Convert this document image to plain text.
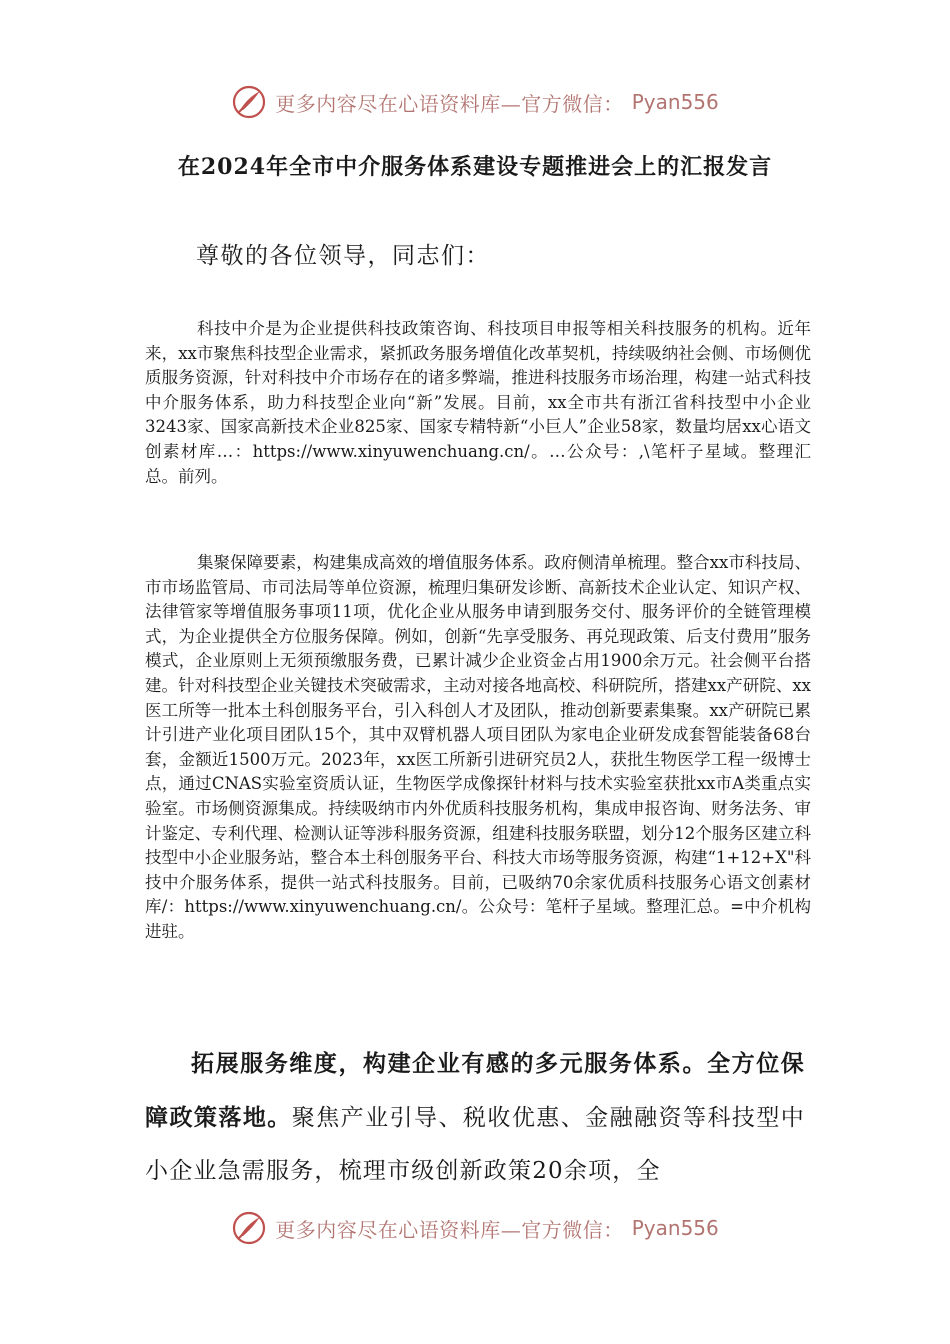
更多内容尽在心语资料库—官方微信： Pyan556
在2024年全市中介服务体系建设专题推进会上的汇报发言
尊敬的各位领导，同志们：

科技中介是为企业提供科技政策咨询、科技项目申报等相关科技服务的机构。近年来，xx市聚焦科技型企业需求，紧抓政务服务增值化改革契机，持续吸纳社会侧、市场侧优质服务资源，针对科技中介市场存在的诸多弊端，推进科技服务市场治理，构建一站式科技中介服务体系，助力科技型企业向“新”发展。目前，xx全市共有浙江省科技型中小企业3243家、国家高新技术企业825家、国家专精特新“小巨人”企业58家，数量均居xx心语文创素材库…：https://www.xinyuwenchuang.cn/。…公众号：,\笔杆子星域。整理汇总。前列。

集聚保障要素，构建集成高效的增值服务体系。政府侧清单梳理。整合xx市科技局、市市场监管局、市司法局等单位资源，梳理归集研发诊断、高新技术企业认定、知识产权、法律管家等增值服务事项11项，优化企业从服务申请到服务交付、服务评价的全链管理模式，为企业提供全方位服务保障。例如，创新“先享受服务、再兑现政策、后支付费用”服务模式，企业原则上无须预缴服务费，已累计减少企业资金占用1900余万元。社会侧平台搭建。针对科技型企业关键技术突破需求，主动对接各地高校、科研院所，搭建xx产研院、xx医工所等一批本土科创服务平台，引入科创人才及团队，推动创新要素集聚。xx产研院已累计引进产业化项目团队15个，其中双臂机器人项目团队为家电企业研发成套智能装备68台套，金额近1500万元。2023年，xx医工所新引进研究员2人，获批生物医学工程一级博士点，通过CNAS实验室资质认证，生物医学成像探针材料与技术实验室获批xx市A类重点实验室。市场侧资源集成。持续吸纳市内外优质科技服务机构，集成申报咨询、财务法务、审计鉴定、专利代理、检测认证等涉科服务资源，组建科技服务联盟，划分12个服务区建立科技型中小企业服务站，整合本土科创服务平台、科技大市场等服务资源，构建“1+12+X"科技中介服务体系，提供一站式科技服务。目前，已吸纳70余家优质科技服务心语文创素材库/：https://www.xinyuwenchuang.cn/。公众号：笔杆子星域。整理汇总。=中介机构进驻。

拓展服务维度，构建企业有感的多元服务体系。全方位保障政策落地。聚焦产业引导、税收优惠、金融融资等科技型中小企业急需服务，梳理市级创新政策20余项，全

更多内容尽在心语资料库—官方微信： Pyan556
